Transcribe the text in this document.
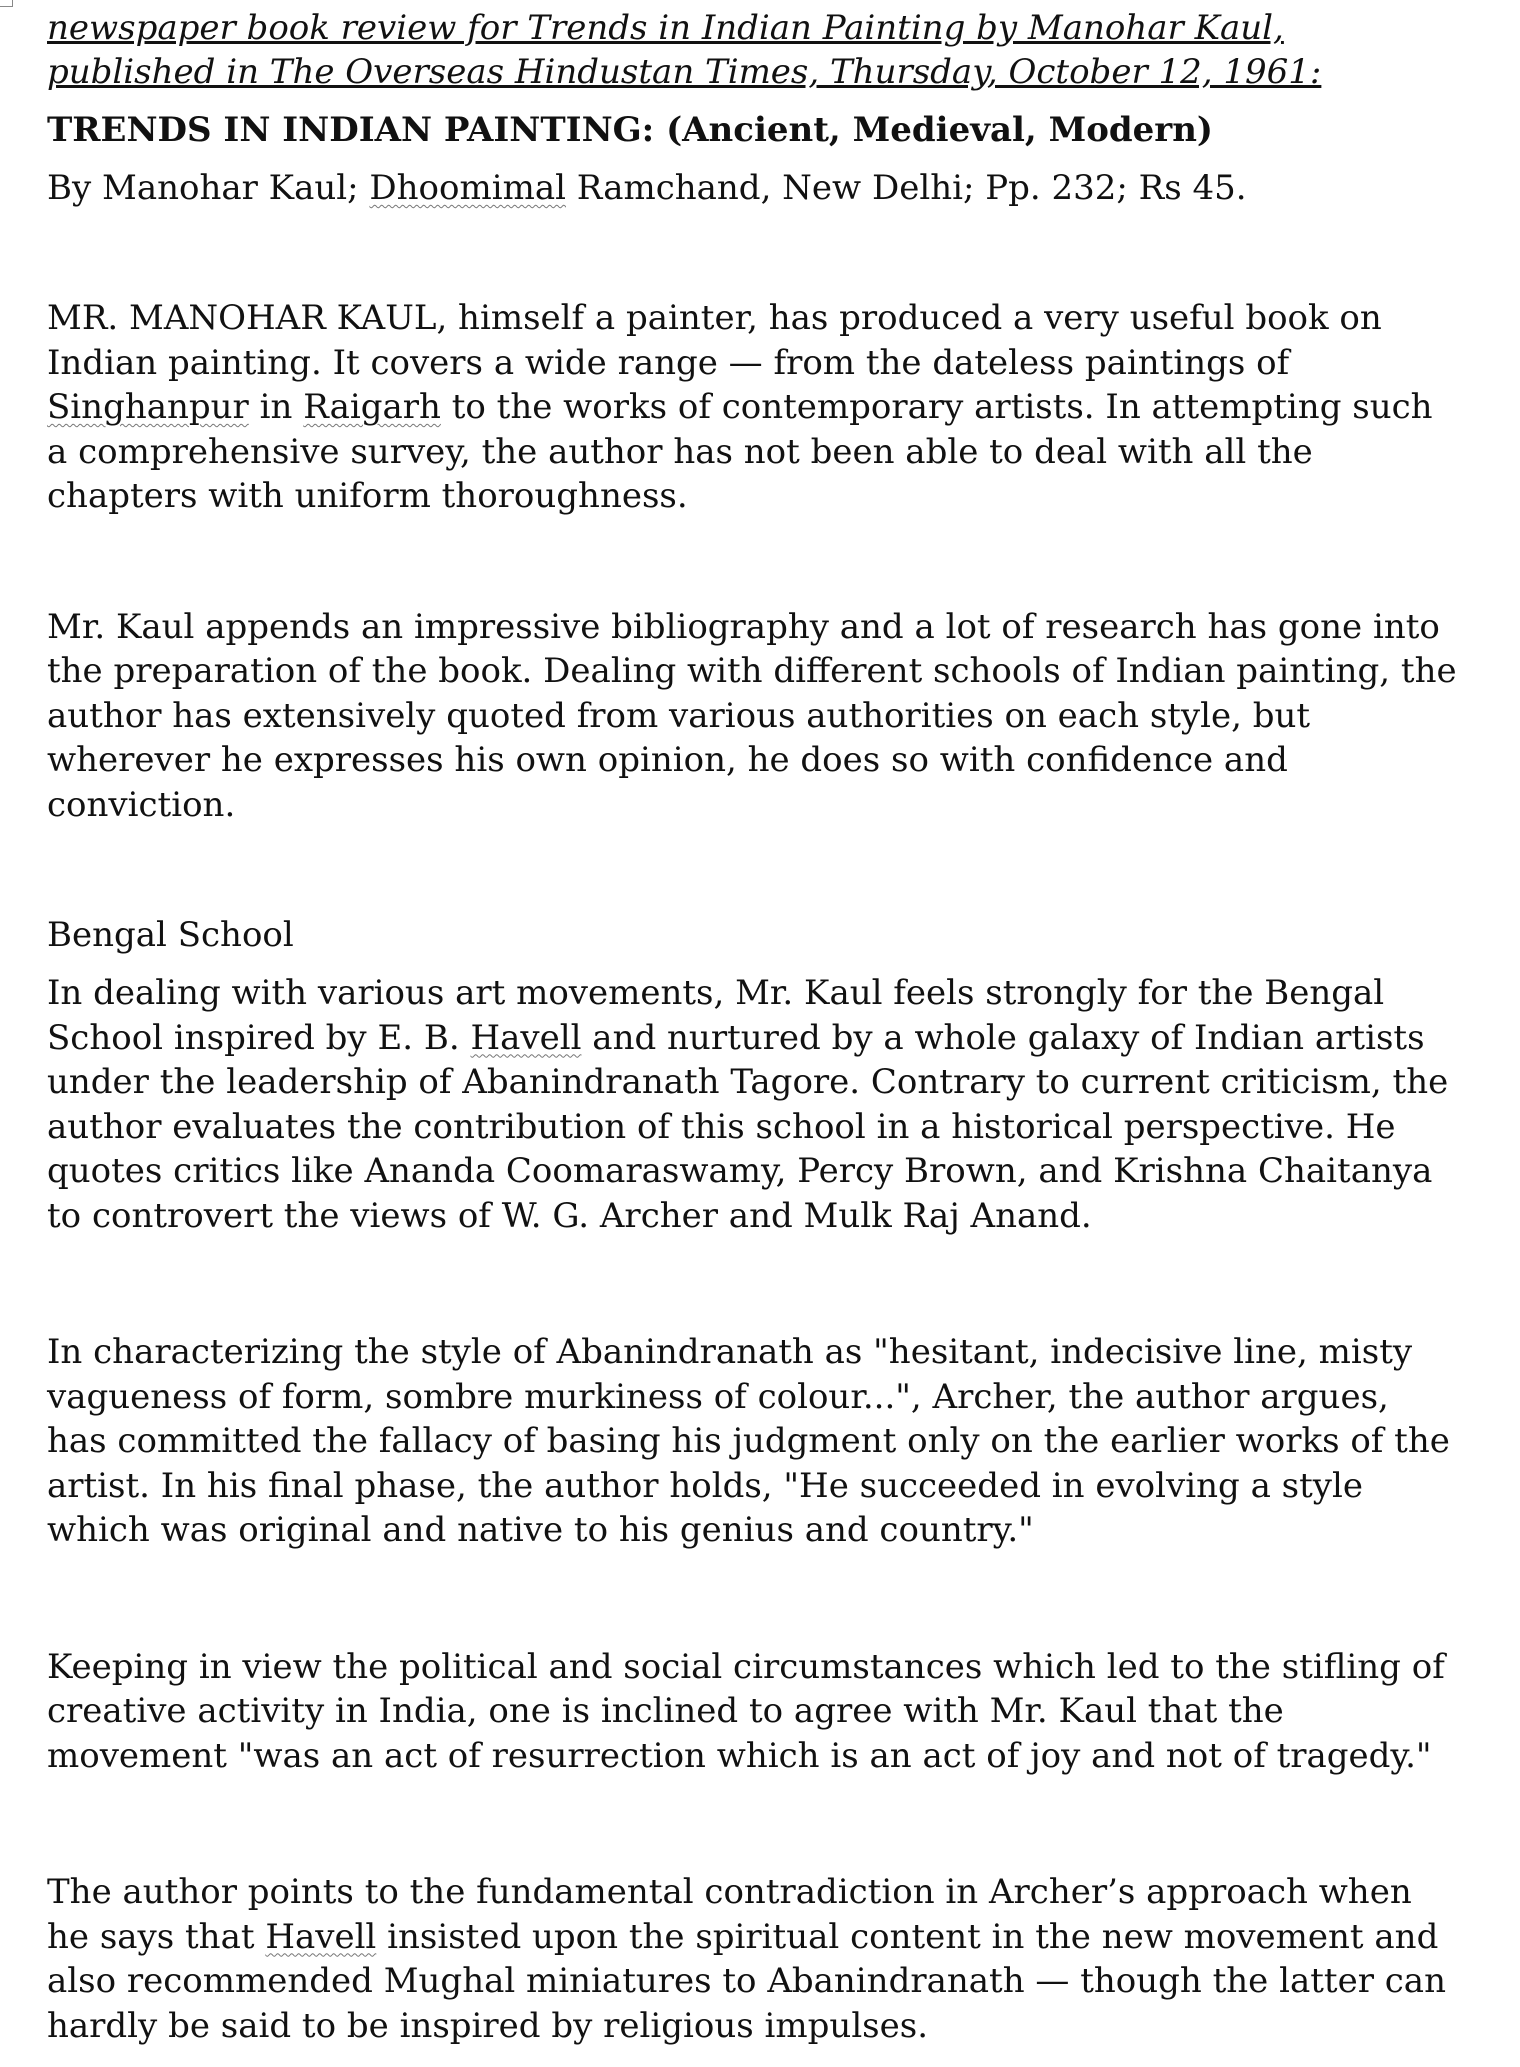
newspaper book review for Trends in Indian Painting by Manohar Kaul, published in The Overseas Hindustan Times, Thursday, October 12, 1961:

TRENDS IN INDIAN PAINTING: (Ancient, Medieval, Modern)

By Manohar Kaul; Dhoomimal Ramchand, New Delhi; Pp. 232; Rs 45.

MR. MANOHAR KAUL, himself a painter, has produced a very useful book on Indian painting. It covers a wide range — from the dateless paintings of Singhanpur in Raigarh to the works of contemporary artists. In attempting such a comprehensive survey, the author has not been able to deal with all the chapters with uniform thoroughness.

Mr. Kaul appends an impressive bibliography and a lot of research has gone into the preparation of the book. Dealing with different schools of Indian painting, the author has extensively quoted from various authorities on each style, but wherever he expresses his own opinion, he does so with confidence and conviction.

Bengal School

In dealing with various art movements, Mr. Kaul feels strongly for the Bengal School inspired by E. B. Havell and nurtured by a whole galaxy of Indian artists under the leadership of Abanindranath Tagore. Contrary to current criticism, the author evaluates the contribution of this school in a historical perspective. He quotes critics like Ananda Coomaraswamy, Percy Brown, and Krishna Chaitanya to controvert the views of W. G. Archer and Mulk Raj Anand.

In characterizing the style of Abanindranath as "hesitant, indecisive line, misty vagueness of form, sombre murkiness of colour...", Archer, the author argues, has committed the fallacy of basing his judgment only on the earlier works of the artist. In his final phase, the author holds, "He succeeded in evolving a style which was original and native to his genius and country."

Keeping in view the political and social circumstances which led to the stifling of creative activity in India, one is inclined to agree with Mr. Kaul that the movement "was an act of resurrection which is an act of joy and not of tragedy."

The author points to the fundamental contradiction in Archer’s approach when he says that Havell insisted upon the spiritual content in the new movement and also recommended Mughal miniatures to Abanindranath — though the latter can hardly be said to be inspired by religious impulses.
